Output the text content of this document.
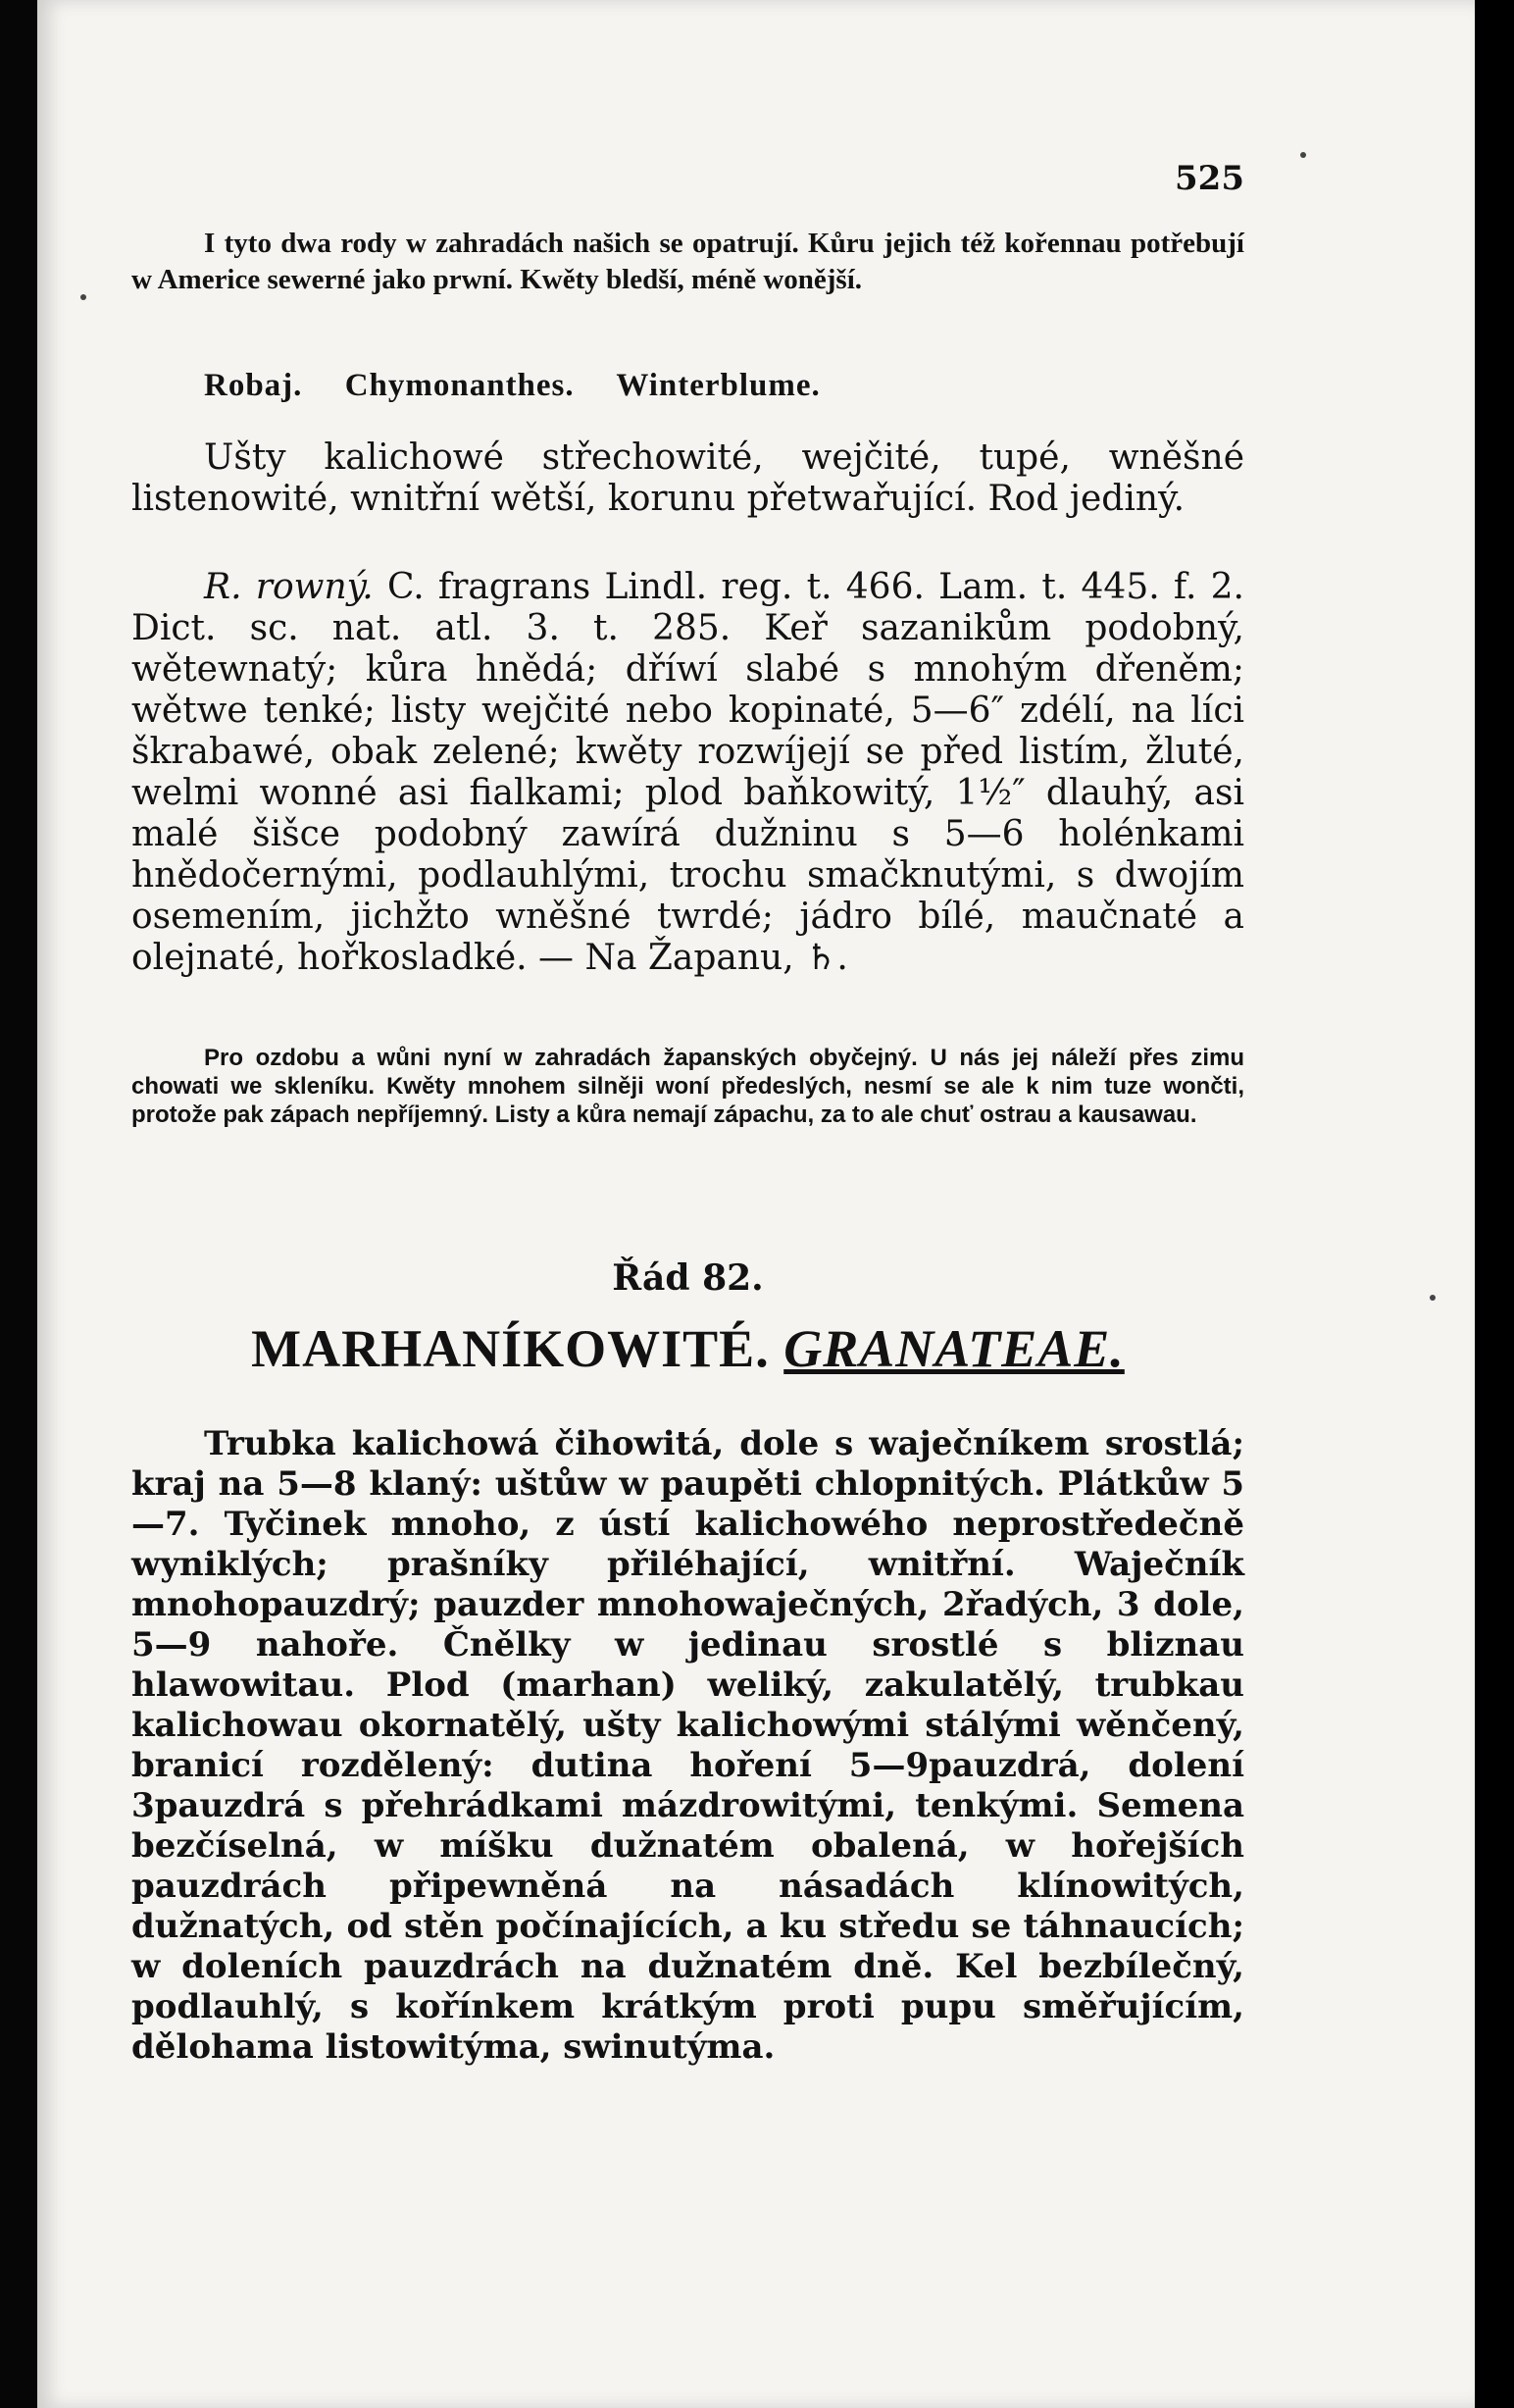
525
I tyto dwa rody w zahradách našich se opatrují. Kůru jejich též kořennau potřebují w Americe sewerné jako prwní. Kwěty bledší, méně wonější.
Robaj. Chymonanthes. Winterblume.
Ušty kalichowé střechowité, wejčité, tupé, wněšné listenowité, wnitřní wětší, korunu přetwařující. Rod jediný.
R. rowný. C. fragrans Lindl. reg. t. 466. Lam. t. 445. f. 2. Dict. sc. nat. atl. 3. t. 285. Keř sazanikům podobný, wětewnatý; kůra hnědá; dříwí slabé s mnohým dřeněm; wětwe tenké; listy wejčité nebo kopinaté, 5—6″ zdélí, na líci škrabawé, obak zelené; kwěty rozwíjejí se před listím, žluté, welmi wonné asi fialkami; plod baňkowitý, 1½″ dlauhý, asi malé šišce podobný zawírá dužninu s 5—6 holénkami hnědočernými, podlauhlými, trochu smačknutými, s dwojím osemením, jichžto wněšné twrdé; jádro bílé, maučnaté a olejnaté, hořkosladké. — Na Žapanu, ♄.
Pro ozdobu a wůni nyní w zahradách žapanských obyčejný. U nás jej náleží přes zimu chowati we skleníku. Kwěty mnohem silněji woní předeslých, nesmí se ale k nim tuze wončti, protože pak zápach nepříjemný. Listy a kůra nemají zápachu, za to ale chuť ostrau a kausawau.
Řád 82.
MARHANÍKOWITÉ. GRANATEAE.
Trubka kalichowá čihowitá, dole s waječníkem srostlá; kraj na 5—8 klaný: uštůw w paupěti chlopnitých. Plátkůw 5—7. Tyčinek mnoho, z ústí kalichowého neprostředečně wyniklých; prašníky přiléhající, wnitřní. Waječník mnohopauzdrý; pauzder mnohowaječných, 2řadých, 3 dole, 5—9 nahoře. Čnělky w jedinau srostlé s bliznau hlawowitau. Plod (marhan) weliký, zakulatělý, trubkau kalichowau okornatělý, ušty kalichowými stálými wěnčený, branicí rozdělený: dutina hoření 5—9pauzdrá, dolení 3pauzdrá s přehrádkami mázdrowitými, tenkými. Semena bezčíselná, w míšku dužnatém obalená, w hořejších pauzdrách připewněná na násadách klínowitých, dužnatých, od stěn počínajících, a ku středu se táhnaucích; w doleních pauzdrách na dužnatém dně. Kel bezbílečný, podlauhlý, s kořínkem krátkým proti pupu směřujícím, dělohama listowitýma, swinutýma.
